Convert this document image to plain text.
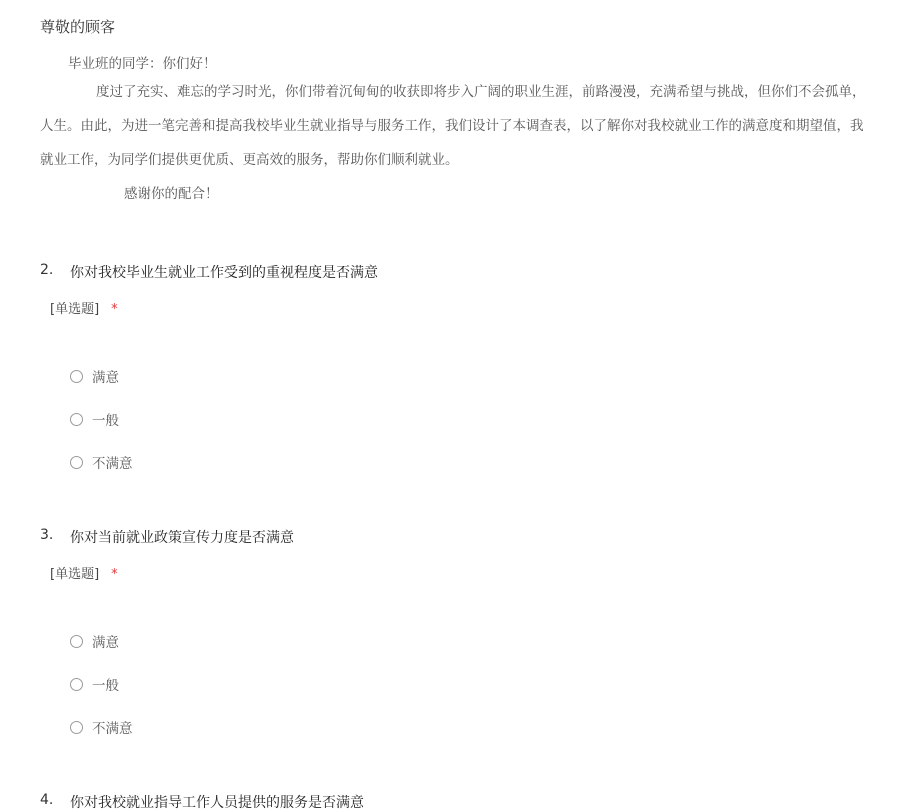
尊敬的顾客
毕业班的同学：你们好！
度过了充实、难忘的学习时光，你们带着沉甸甸的收获即将步入广阔的职业生涯，前路漫漫，充满希望与挑战，但你们不会孤单，
人生。由此，为进一笔完善和提高我校毕业生就业指导与服务工作，我们设计了本调查表，以了解你对我校就业工作的满意度和期望值，我
就业工作，为同学们提供更优质、更高效的服务，帮助你们顺利就业。
感谢你的配合！
2. 你对我校毕业生就业工作受到的重视程度是否满意
[单选题] *
满意
一般
不满意
3. 你对当前就业政策宣传力度是否满意
[单选题] *
满意
一般
不满意
4. 你对我校就业指导工作人员提供的服务是否满意
